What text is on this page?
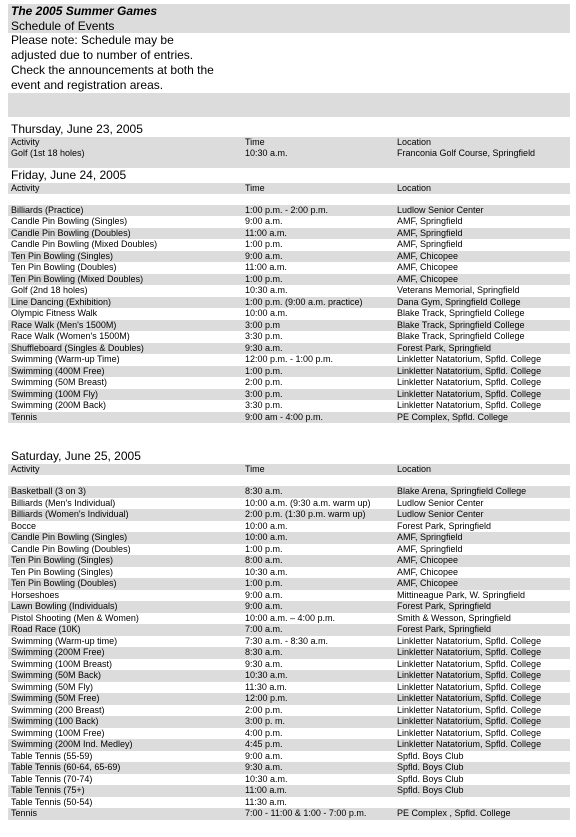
The 2005 Summer Games
Schedule of Events
Please note: Schedule may be
adjusted due to number of entries.
Check the announcements at both the
event and registration areas.
Thursday, June 23, 2005
Activity	Time	Location
Golf (1st 18 holes)	10:30 a.m.	Franconia Golf Course, Springfield
Friday, June 24, 2005
Activity	Time	Location
Billiards (Practice)	1:00 p.m. - 2:00 p.m.	Ludlow Senior Center
Candle Pin Bowling (Singles)	9:00 a.m.	AMF, Springfield
Candle Pin Bowling (Doubles)	11:00 a.m.	AMF, Springfield
Candle Pin Bowling (Mixed Doubles)	1:00 p.m.	AMF, Springfield
Ten Pin Bowling (Singles)	9:00 a.m.	AMF, Chicopee
Ten Pin Bowling (Doubles)	11:00 a.m.	AMF, Chicopee
Ten Pin Bowling (Mixed Doubles)	1:00 p.m.	AMF, Chicopee
Golf (2nd 18 holes)	10:30 a.m.	Veterans Memorial, Springfield
Line Dancing (Exhibition)	1:00 p.m. (9:00 a.m. practice)	Dana Gym, Springfield College
Olympic Fitness Walk	10:00 a.m.	Blake Track, Springfield College
Race Walk (Men's 1500M)	3:00 p.m	Blake Track, Springfield College
Race Walk (Women's 1500M)	3:30 p.m.	Blake Track, Springfield College
Shuffleboard (Singles & Doubles)	9:30 a.m.	Forest Park, Springfield
Swimming (Warm-up Time)	12:00 p.m. - 1:00 p.m.	Linkletter Natatorium, Spfld. College
Swimming (400M Free)	1:00 p.m.	Linkletter Natatorium, Spfld. College
Swimming (50M Breast)	2:00 p.m.	Linkletter Natatorium, Spfld. College
Swimming (100M Fly)	3:00 p.m.	Linkletter Natatorium, Spfld. College
Swimming (200M Back)	3:30 p.m.	Linkletter Natatorium, Spfld. College
Tennis	9:00 am - 4:00 p.m.	PE Complex, Spfld. College
Saturday, June 25, 2005
Activity	Time	Location
Basketball (3 on 3)	8:30 a.m.	Blake Arena, Springfield College
Billiards (Men's Individual)	10:00 a.m. (9:30 a.m. warm up)	Ludlow Senior Center
Billiards (Women's Individual)	2:00 p.m. (1:30 p.m. warm up)	Ludlow Senior Center
Bocce	10:00 a.m.	Forest Park, Springfield
Candle Pin Bowling (Singles)	10:00 a.m.	AMF, Springfield
Candle Pin Bowling (Doubles)	1:00 p.m.	AMF, Springfield
Ten Pin Bowling (Singles)	8:00 a.m.	AMF, Chicopee
Ten Pin Bowling (Singles)	10:30 a.m.	AMF, Chicopee
Ten Pin Bowling (Doubles)	1:00 p.m.	AMF, Chicopee
Horseshoes	9:00 a.m.	Mittineague Park, W. Springfield
Lawn Bowling (Individuals)	9:00 a.m.	Forest Park, Springfield
Pistol Shooting (Men & Women)	10:00 a.m. – 4:00 p.m.	Smith & Wesson, Springfield
Road Race (10K)	7:00 a.m.	Forest Park, Springfield
Swimming (Warm-up time)	7:30 a.m. - 8:30 a.m.	Linkletter Natatorium, Spfld. College
Swimming (200M Free)	8:30 a.m.	Linkletter Natatorium, Spfld. College
Swimming (100M Breast)	9:30 a.m.	Linkletter Natatorium, Spfld. College
Swimming (50M Back)	10:30 a.m.	Linkletter Natatorium, Spfld. College
Swimming (50M Fly)	11:30 a.m.	Linkletter Natatorium, Spfld. College
Swimming (50M Free)	12:00 p.m.	Linkletter Natatorium, Spfld. College
Swimming (200 Breast)	2:00 p.m.	Linkletter Natatorium, Spfld. College
Swimming (100 Back)	3:00 p. m.	Linkletter Natatorium, Spfld. College
Swimming (100M Free)	4:00 p.m.	Linkletter Natatorium, Spfld. College
Swimming (200M Ind. Medley)	4:45 p.m.	Linkletter Natatorium, Spfld. College
Table Tennis (55-59)	9:00 a.m.	Spfld. Boys Club
Table Tennis (60-64, 65-69)	9:30 a.m.	Spfld. Boys Club
Table Tennis (70-74)	10:30 a.m.	Spfld. Boys Club
Table Tennis (75+)	11:00 a.m.	Spfld. Boys Club
Table Tennis (50-54)	11:30 a.m.
Tennis	7:00 - 11:00 & 1:00 - 7:00 p.m.	PE Complex , Spfld. College
